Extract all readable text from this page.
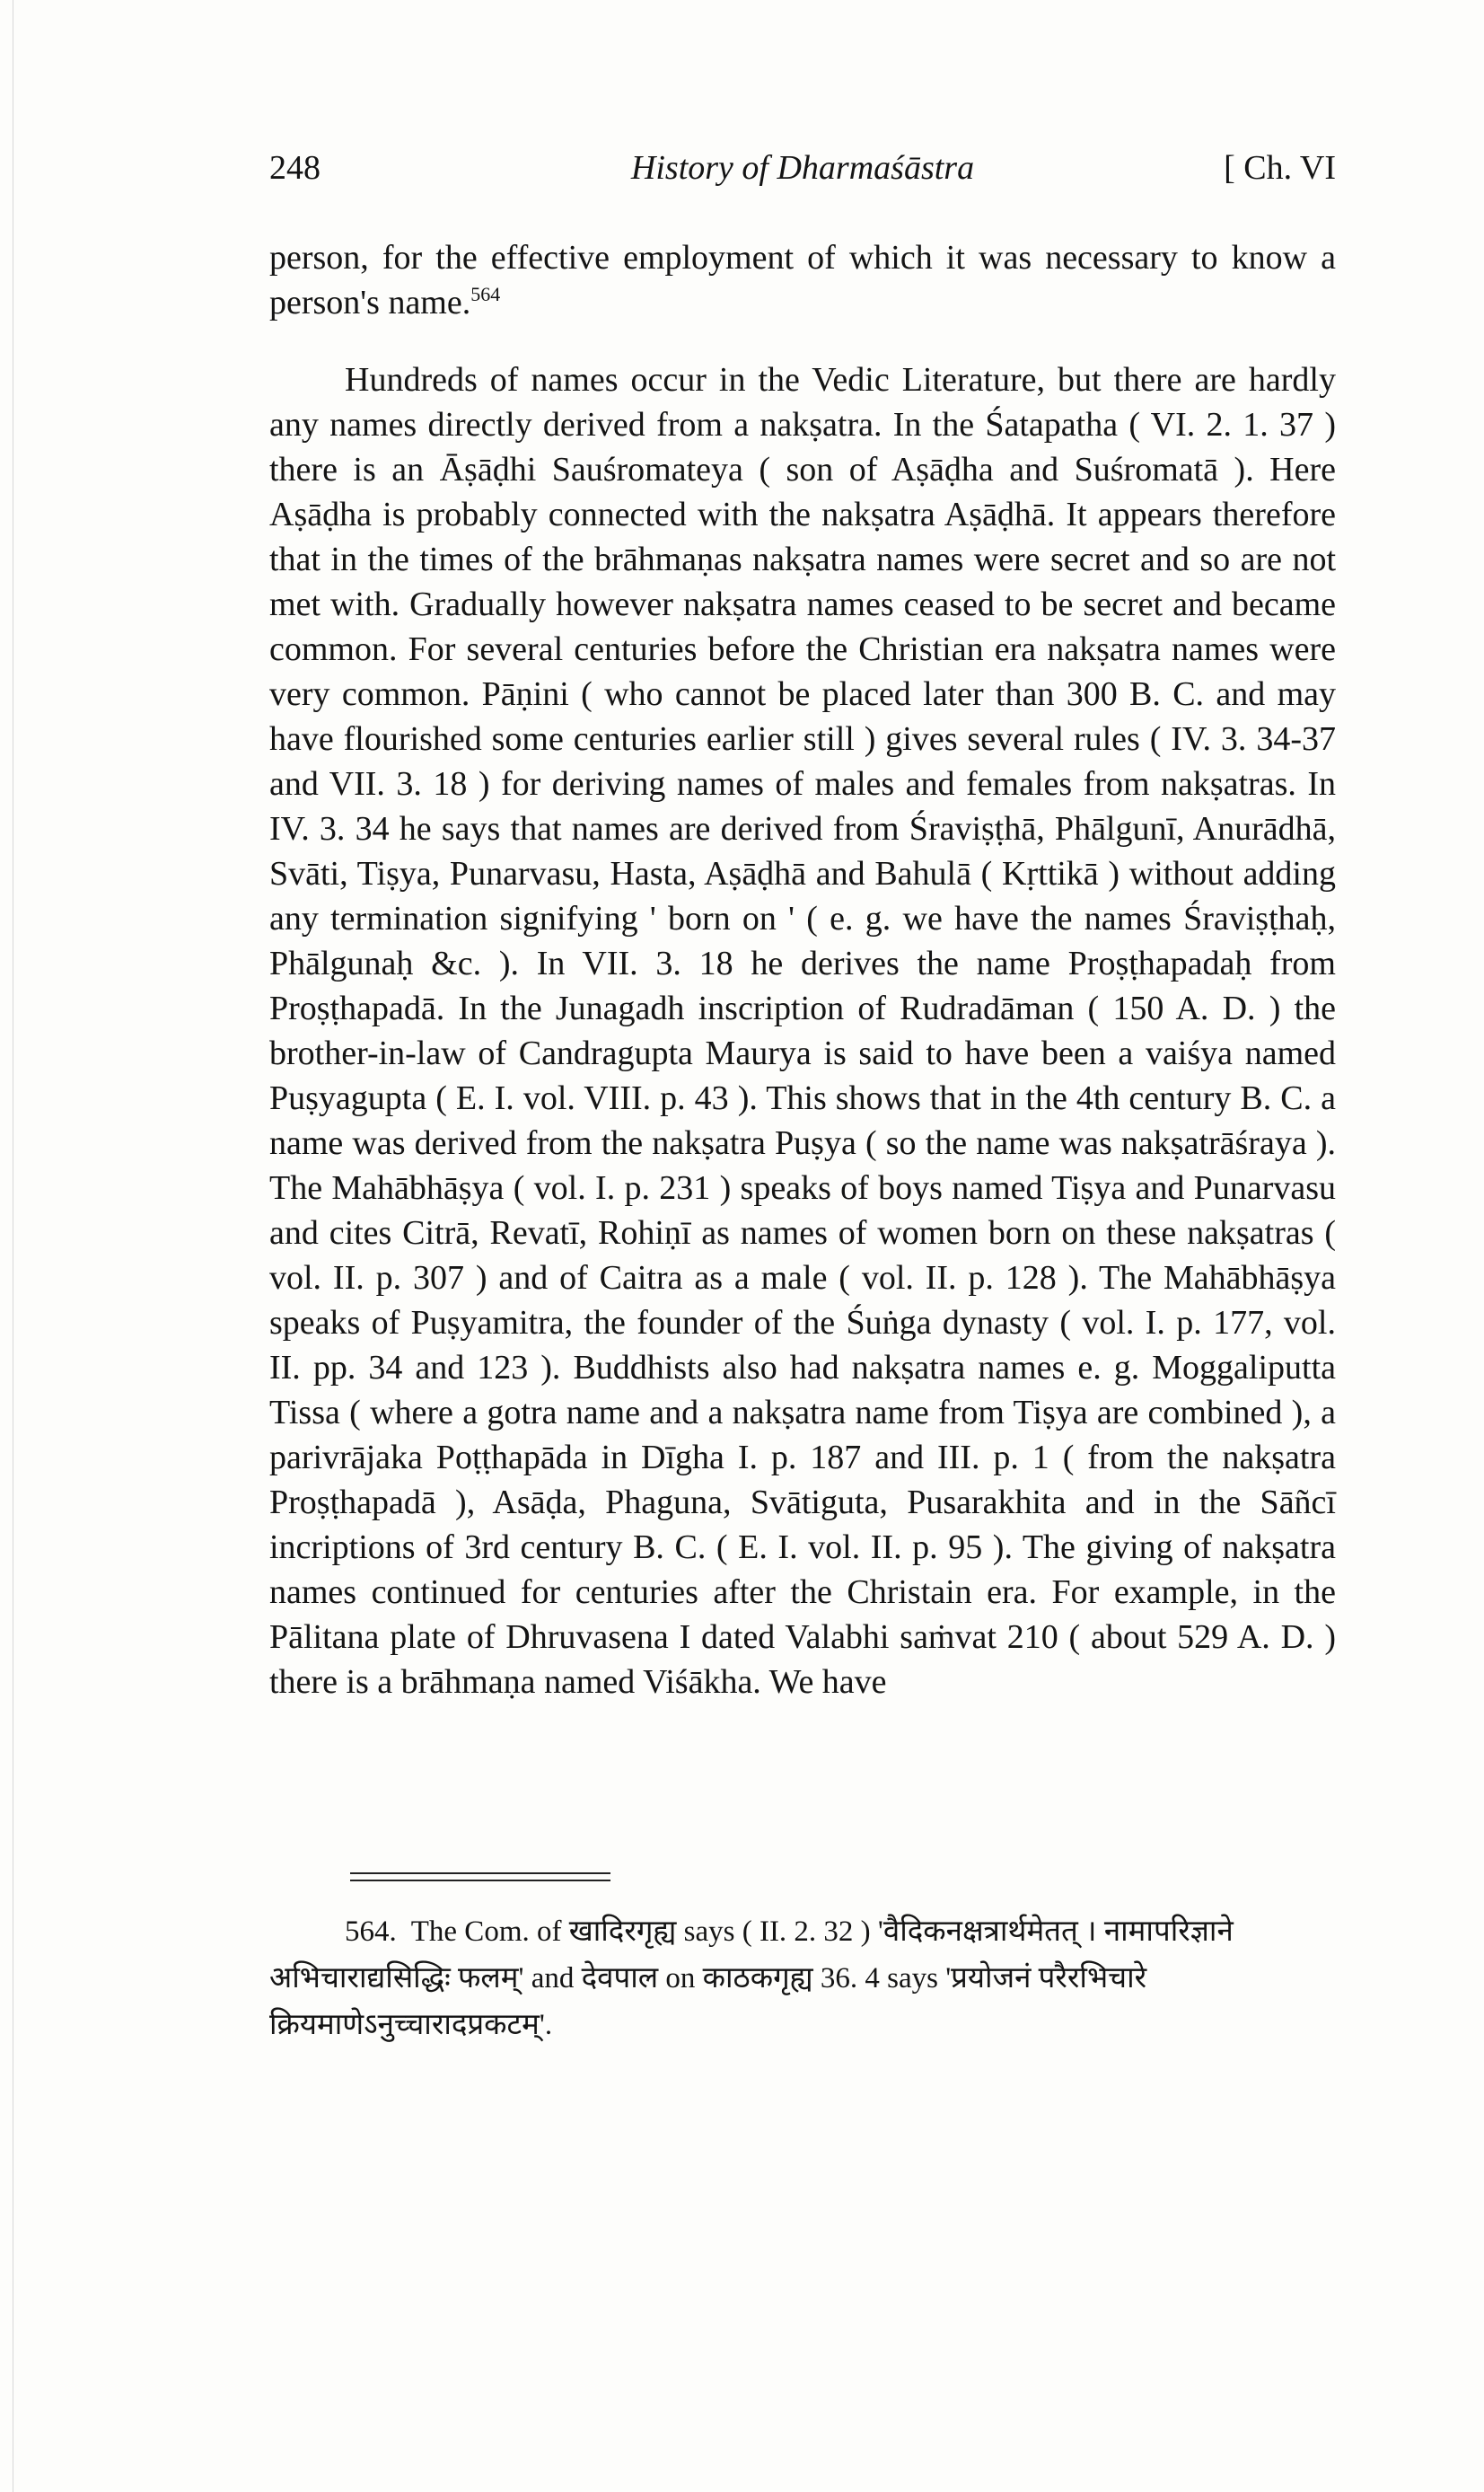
248	History of Dharmaśāstra	[ Ch. VI

person, for the effective employment of which it was necessary to know a person's name.$^{564}$

Hundreds of names occur in the Vedic Literature, but there are hardly any names directly derived from a nakṣatra. In the Śatapatha ( VI. 2. 1. 37 ) there is an Āṣāḍhi Sauśromateya ( son of Aṣāḍha and Suśromatā ). Here Aṣāḍha is probably connected with the nakṣatra Aṣāḍhā. It appears therefore that in the times of the brāhmaṇas nakṣatra names were secret and so are not met with. Gradually however nakṣatra names ceased to be secret and became common. For several centuries before the Christian era nakṣatra names were very common. Pāṇini ( who cannot be placed later than 300 B. C. and may have flourished some centuries earlier still ) gives several rules ( IV. 3. 34-37 and VII. 3. 18 ) for deriving names of males and females from nakṣatras. In IV. 3. 34 he says that names are derived from Śraviṣṭhā, Phālgunī, Anurādhā, Svāti, Tiṣya, Punarvasu, Hasta, Aṣāḍhā and Bahulā ( Kṛttikā ) without adding any termination signifying ' born on ' ( e. g. we have the names Śraviṣṭhaḥ, Phālgunaḥ &c. ). In VII. 3. 18 he derives the name Proṣṭhapadaḥ from Proṣṭhapadā. In the Junagadh inscription of Rudradāman ( 150 A. D. ) the brother-in-law of Candragupta Maurya is said to have been a vaiśya named Puṣyagupta ( E. I. vol. VIII. p. 43 ). This shows that in the 4th century B. C. a name was derived from the nakṣatra Puṣya ( so the name was nakṣatrāśraya ). The Mahābhāṣya ( vol. I. p. 231 ) speaks of boys named Tiṣya and Punarvasu and cites Citrā, Revatī, Rohiṇī as names of women born on these nakṣatras ( vol. II. p. 307 ) and of Caitra as a male ( vol. II. p. 128 ). The Mahābhāṣya speaks of Puṣyamitra, the founder of the Śuṅga dynasty ( vol. I. p. 177, vol. II. pp. 34 and 123 ). Buddhists also had nakṣatra names e. g. Moggaliputta Tissa ( where a gotra name and a nakṣatra name from Tiṣya are combined ), a parivrājaka Poṭṭhapāda in Dīgha I. p. 187 and III. p. 1 ( from the nakṣatra Proṣṭhapadā ), Asāḍa, Phaguna, Svātiguta, Pusarakhita and in the Sāñcī incriptions of 3rd century B. C. ( E. I. vol. II. p. 95 ). The giving of nakṣatra names continued for centuries after the Christain era. For example, in the Pālitana plate of Dhruvasena I dated Valabhi saṁvat 210 ( about 529 A. D. ) there is a brāhmaṇa named Viśākha. We have

564. The Com. of खादिरगृह्य says ( II. 2. 32 ) 'वैदिकनक्षत्रार्थमेतत् । नामापरिज्ञाने अभिचाराद्यसिद्धिः फलम्' and देवपाल on काठकगृह्य 36. 4 says 'प्रयोजनं परैरभिचारे क्रियमाणेऽनुच्चारादप्रकटम्'.
